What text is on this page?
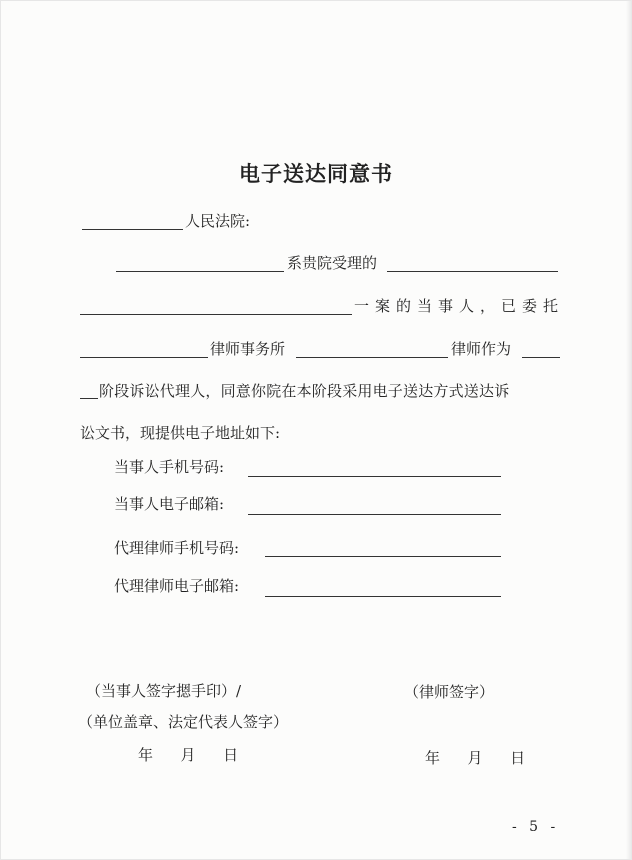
电子送达同意书
人民法院:
系贵院受理的
一案的当事人，已委托
律师事务所	律师作为
阶段诉讼代理人，同意你院在本阶段采用电子送达方式送达诉
讼文书，现提供电子地址如下:
当事人手机号码:
当事人电子邮箱:
代理律师手机号码:
代理律师电子邮箱:
（当事人签字摁手印）/	（律师签字）
（单位盖章、法定代表人签字）
年  月  日	年  月  日
- 5 -
